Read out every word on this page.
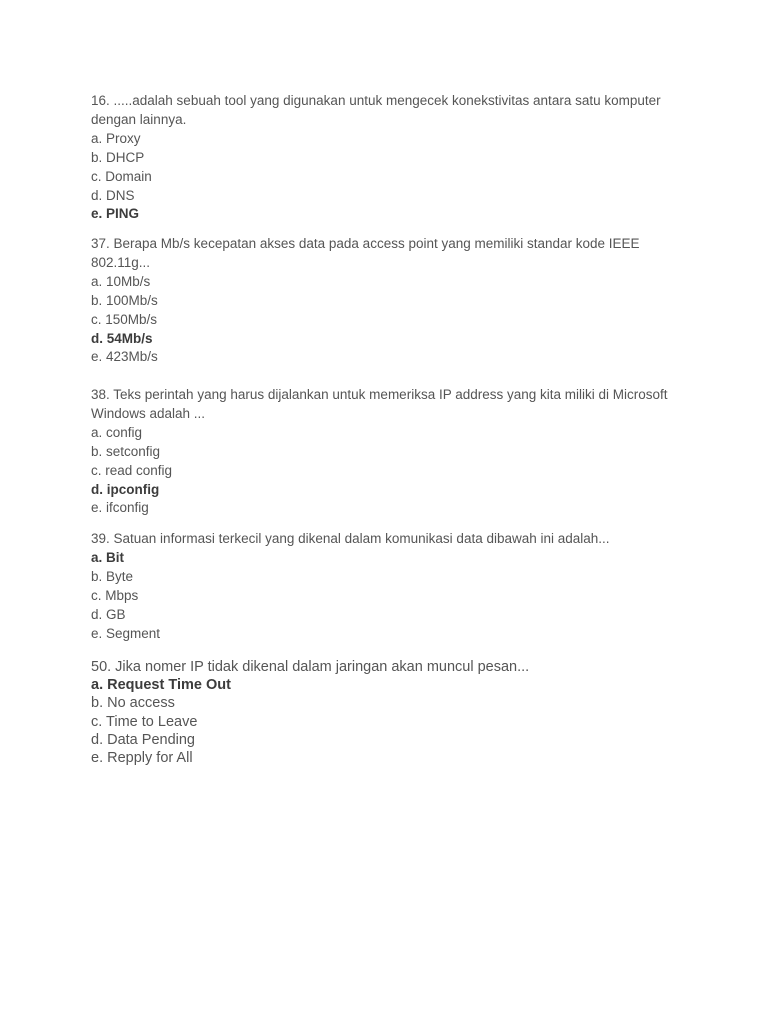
16. .....adalah sebuah tool yang digunakan untuk mengecek konekstivitas antara satu komputer dengan lainnya.

a. Proxy

b. DHCP

c. Domain

d. DNS

e. PING

37. Berapa Mb/s kecepatan akses data pada access point yang memiliki standar kode IEEE 802.11g...

a. 10Mb/s

b. 100Mb/s

c. 150Mb/s

d. 54Mb/s

e. 423Mb/s

38. Teks perintah yang harus dijalankan untuk memeriksa IP address yang kita miliki di Microsoft Windows adalah ...

a. config

b. setconfig

c. read config

d. ipconfig

e. ifconfig

39. Satuan informasi terkecil yang dikenal dalam komunikasi data dibawah ini adalah...

a. Bit

b. Byte

c. Mbps

d. GB

e. Segment

50. Jika nomer IP tidak dikenal dalam jaringan akan muncul pesan...

a. Request Time Out

b. No access

c. Time to Leave

d. Data Pending

e. Repply for All
